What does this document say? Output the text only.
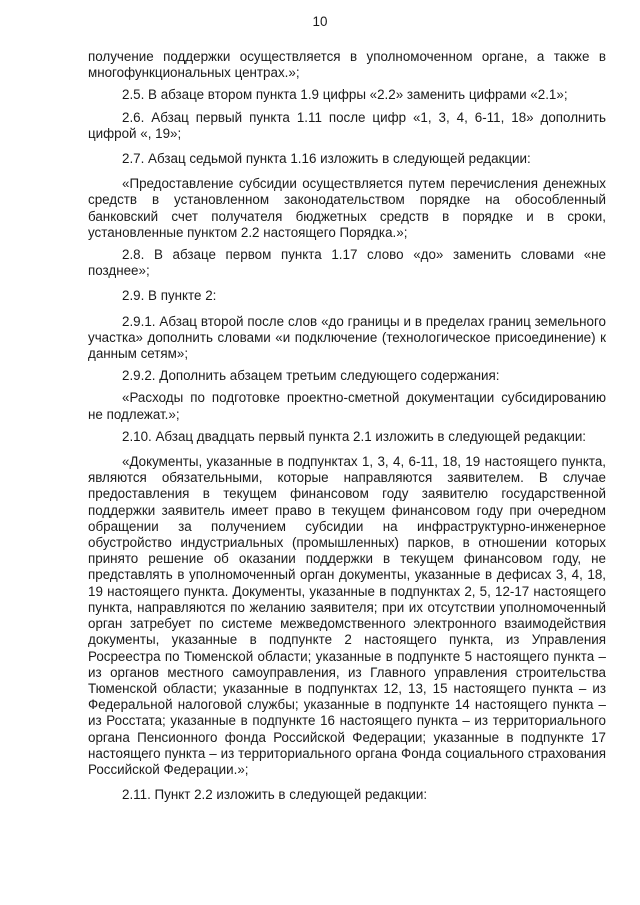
10

получение поддержки осуществляется в уполномоченном органе, а также в многофункциональных центрах.»;

2.5. В абзаце втором пункта 1.9 цифры «2.2» заменить цифрами «2.1»;

2.6. Абзац первый пункта 1.11 после цифр «1, 3, 4, 6-11, 18» дополнить цифрой «, 19»;

2.7. Абзац седьмой пункта 1.16 изложить в следующей редакции:

«Предоставление субсидии осуществляется путем перечисления денежных средств в установленном законодательством порядке на обособленный банковский счет получателя бюджетных средств в порядке и в сроки, установленные пунктом 2.2 настоящего Порядка.»;

2.8. В абзаце первом пункта 1.17 слово «до» заменить словами «не позднее»;

2.9. В пункте 2:

2.9.1. Абзац второй после слов «до границы и в пределах границ земельного участка» дополнить словами «и подключение (технологическое присоединение) к данным сетям»;

2.9.2. Дополнить абзацем третьим следующего содержания:

«Расходы по подготовке проектно-сметной документации субсидированию не подлежат.»;

2.10. Абзац двадцать первый пункта 2.1 изложить в следующей редакции:

«Документы, указанные в подпунктах 1, 3, 4, 6-11, 18, 19 настоящего пункта, являются обязательными, которые направляются заявителем. В случае предоставления в текущем финансовом году заявителю государственной поддержки заявитель имеет право в текущем финансовом году при очередном обращении за получением субсидии на инфраструктурно-инженерное обустройство индустриальных (промышленных) парков, в отношении которых принято решение об оказании поддержки в текущем финансовом году, не представлять в уполномоченный орган документы, указанные в дефисах 3, 4, 18, 19 настоящего пункта. Документы, указанные в подпунктах 2, 5, 12-17 настоящего пункта, направляются по желанию заявителя; при их отсутствии уполномоченный орган затребует по системе межведомственного электронного взаимодействия документы, указанные в подпункте 2 настоящего пункта, из Управления Росреестра по Тюменской области; указанные в подпункте 5 настоящего пункта – из органов местного самоуправления, из Главного управления строительства Тюменской области; указанные в подпунктах 12, 13, 15 настоящего пункта – из Федеральной налоговой службы; указанные в подпункте 14 настоящего пункта – из Росстата; указанные в подпункте 16 настоящего пункта – из территориального органа Пенсионного фонда Российской Федерации; указанные в подпункте 17 настоящего пункта – из территориального органа Фонда социального страхования Российской Федерации.»;

2.11. Пункт 2.2 изложить в следующей редакции:
